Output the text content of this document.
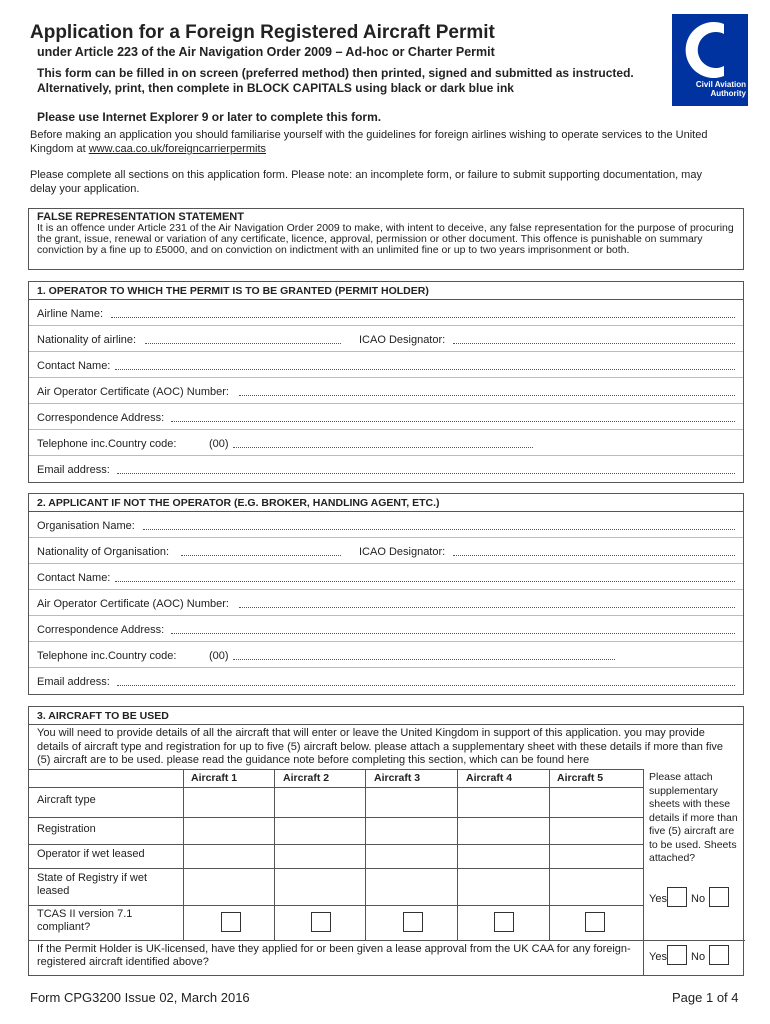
Application for a Foreign Registered Aircraft Permit
under Article 223 of the Air Navigation Order 2009 – Ad-hoc or Charter Permit
This form can be filled in on screen (preferred method) then printed, signed and submitted as instructed. Alternatively, print, then complete in BLOCK CAPITALS using black or dark blue ink
Please use Internet Explorer 9 or later to complete this form.
Before making an application you should familiarise yourself with the guidelines for foreign airlines wishing to operate services to the United Kingdom at www.caa.co.uk/foreigncarrierpermits
Please complete all sections on this application form. Please note: an incomplete form, or failure to submit supporting documentation, may delay your application.
Civil Aviation
Authority
FALSE REPRESENTATION STATEMENT
It is an offence under Article 231 of the Air Navigation Order 2009 to make, with intent to deceive, any false representation for the purpose of procuring the grant, issue, renewal or variation of any certificate, licence, approval, permission or other document. This offence is punishable on summary conviction by a fine up to £5000, and on conviction on indictment with an unlimited fine or up to two years imprisonment or both.
1. OPERATOR TO WHICH THE PERMIT IS TO BE GRANTED (PERMIT HOLDER)
Airline Name:
Nationality of airline:	ICAO Designator:
Contact Name:
Air Operator Certificate (AOC) Number:
Correspondence Address:
Telephone inc.Country code:	(00)
Email address:
2. APPLICANT IF NOT THE OPERATOR (E.G. BROKER, HANDLING AGENT, ETC.)
Organisation Name:
Nationality of Organisation:	ICAO Designator:
Contact Name:
Air Operator Certificate (AOC) Number:
Correspondence Address:
Telephone inc.Country code:	(00)
Email address:
3. AIRCRAFT TO BE USED
You will need to provide details of all the aircraft that will enter or leave the United Kingdom in support of this application. you may provide details of aircraft type and registration for up to five (5) aircraft below. please attach a supplementary sheet with these details if more than five (5) aircraft are to be used. please read the guidance note before completing this section, which can be found here
Aircraft 1	Aircraft 2	Aircraft 3	Aircraft 4	Aircraft 5
Aircraft type
Registration
Operator if wet leased
State of Registry if wet leased
TCAS II version 7.1 compliant?
Please attach supplementary sheets with these details if more than five (5) aircraft are to be used. Sheets attached?
Yes No
If the Permit Holder is UK-licensed, have they applied for or been given a lease approval from the UK CAA for any foreign-registered aircraft identified above?	Yes No
Form CPG3200 Issue 02, March 2016	Page 1 of 4
